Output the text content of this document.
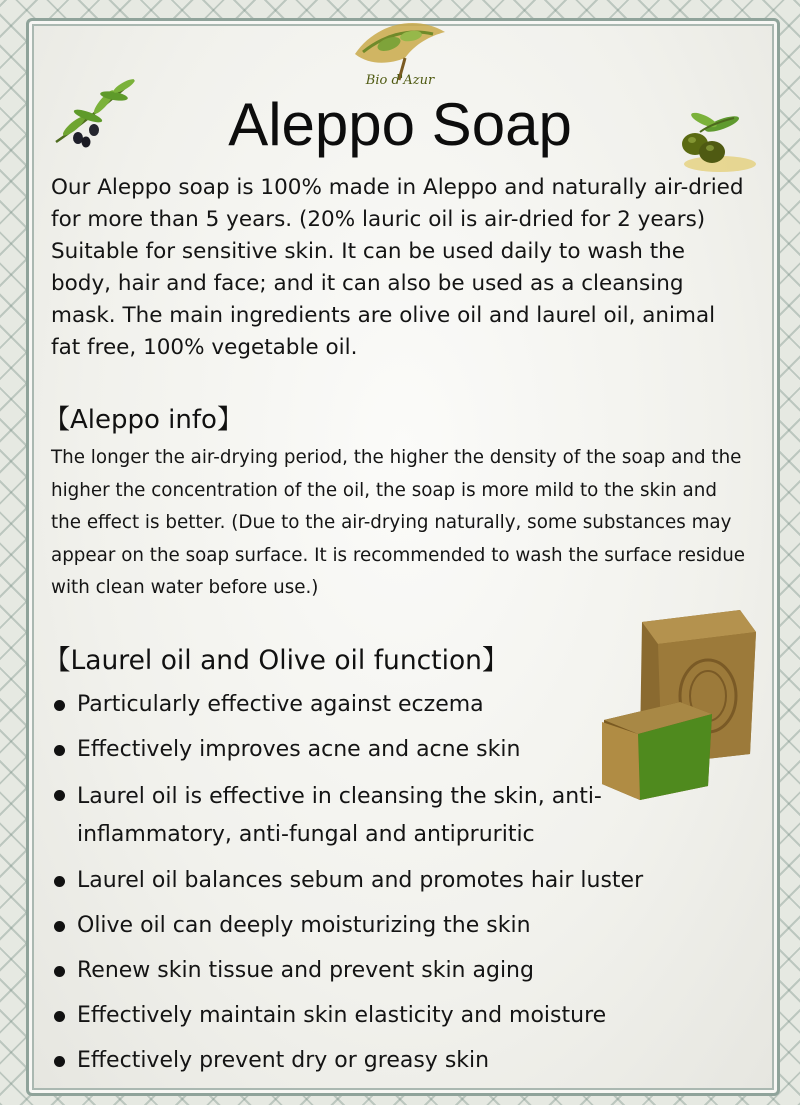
Bio d'Azur
Aleppo Soap

Our Aleppo soap is 100% made in Aleppo and naturally air-dried for more than 5 years. (20% lauric oil is air-dried for 2 years) Suitable for sensitive skin. It can be used daily to wash the body, hair and face; and it can also be used as a cleansing mask. The main ingredients are olive oil and laurel oil, animal fat free, 100% vegetable oil.

【Aleppo info】

The longer the air-drying period, the higher the density of the soap and the higher the concentration of the oil, the soap is more mild to the skin and the effect is better. (Due to the air-drying naturally, some substances may appear on the soap surface. It is recommended to wash the surface residue with clean water before use.)

【Laurel oil and Olive oil function】
Particularly effective against eczema
Effectively improves acne and acne skin
Laurel oil is effective in cleansing the skin, anti-inflammatory, anti-fungal and antipruritic
Laurel oil balances sebum and promotes hair luster
Olive oil can deeply moisturizing the skin
Renew skin tissue and prevent skin aging
Effectively maintain skin elasticity and moisture
Effectively prevent dry or greasy skin
